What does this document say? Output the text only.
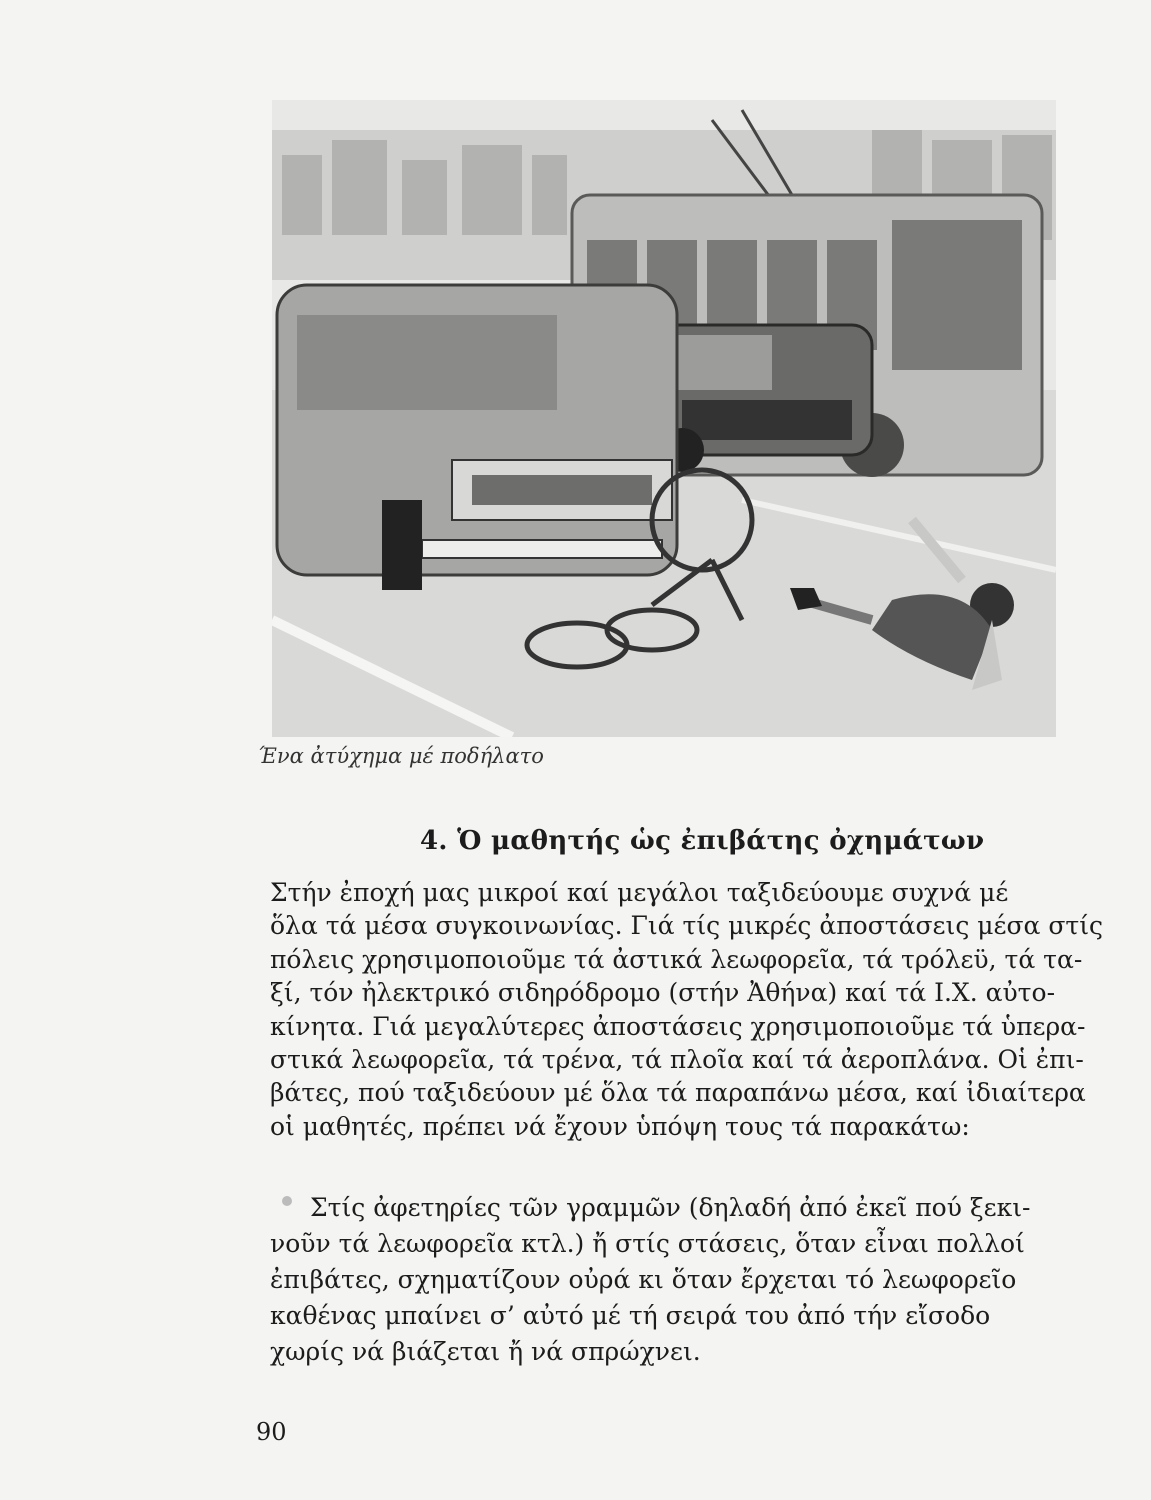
Ένα ἀτύχημα μέ ποδήλατο
4. Ὁ μαθητής ὡς ἐπιβάτης ὀχημάτων

Στήν ἐποχή μας μικροί καί μεγάλοι ταξιδεύουμε συχνά μέ
ὅλα τά μέσα συγκοινωνίας. Γιά τίς μικρές ἀποστάσεις μέσα στίς
πόλεις χρησιμοποιοῦμε τά ἀστικά λεωφορεῖα, τά τρόλεϋ, τά τα-
ξί, τόν ἠλεκτρικό σιδηρόδρομο (στήν Ἀθήνα) καί τά Ι.Χ. αὐτο-
κίνητα. Γιά μεγαλύτερες ἀποστάσεις χρησιμοποιοῦμε τά ὑπερα-
στικά λεωφορεῖα, τά τρένα, τά πλοῖα καί τά ἀεροπλάνα. Οἱ ἐπι-
βάτες, πού ταξιδεύουν μέ ὅλα τά παραπάνω μέσα, καί ἰδιαίτερα
οἱ μαθητές, πρέπει νά ἔχουν ὑπόψη τους τά παρακάτω:

Στίς ἀφετηρίες τῶν γραμμῶν (δηλαδή ἀπό ἐκεῖ πού ξεκι-
νοῦν τά λεωφορεῖα κτλ.) ἤ στίς στάσεις, ὅταν εἶναι πολλοί
ἐπιβάτες, σχηματίζουν οὐρά κι ὅταν ἔρχεται τό λεωφορεῖο
καθένας μπαίνει σ’ αὐτό μέ τή σειρά του ἀπό τήν εἴσοδο
χωρίς νά βιάζεται ἤ νά σπρώχνει.

90
